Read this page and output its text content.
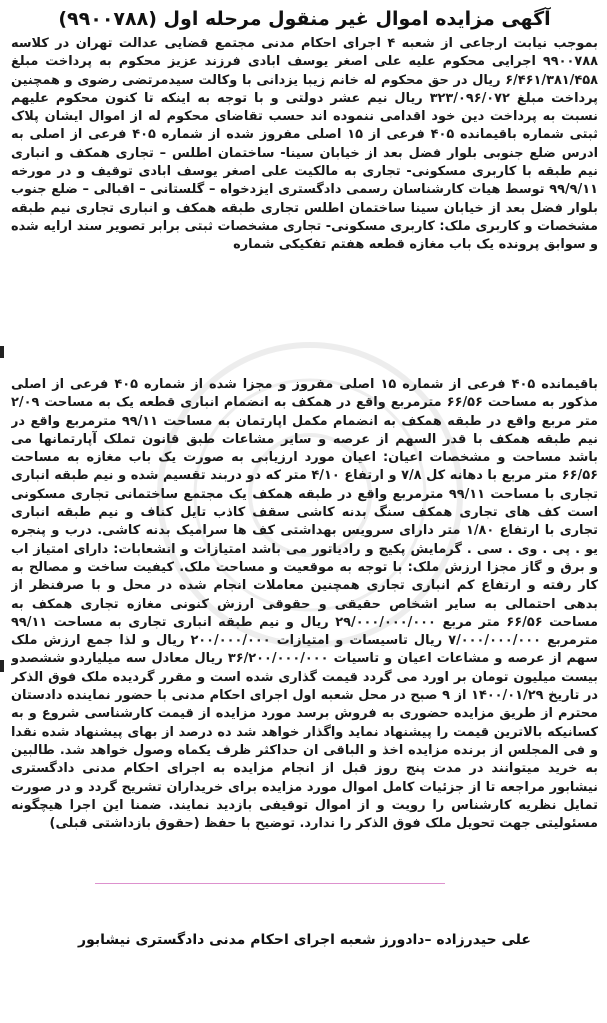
آگهی مزایده اموال غیر منقول مرحله اول (۹۹۰۰۷۸۸)

بموجب نیابت ارجاعی از شعبه ۴ اجرای احکام مدنی مجتمع قضایی عدالت تهران در کلاسه ۹۹۰۰۷۸۸ اجرایی محکوم علیه علی اصغر یوسف ابادی فرزند عزیز محکوم به پرداخت مبلغ ۶/۴۶۱/۳۸۱/۴۵۸ ریال در حق محکوم له خانم زیبا یزدانی با وکالت سیدمرتضی رضوی و همچنین پرداخت مبلغ ۳۲۳/۰۹۶/۰۷۲ ریال نیم عشر دولتی و با توجه به اینکه تا کنون محکوم علیهم نسبت به پرداخت دین خود اقدامی ننموده اند حسب تقاضای محکوم له از اموال ایشان پلاک ثبتی شماره باقیمانده ۴۰۵ فرعی از ۱۵ اصلی مفروز شده از شماره ۴۰۵ فرعی از اصلی به ادرس ضلع جنوبی بلوار فضل بعد از خیابان سینا- ساختمان اطلس – تجاری همکف و انباری نیم طبقه با کاربری مسکونی- تجاری به مالکیت علی اصغر یوسف ابادی توقیف و در مورخه ۹۹/۹/۱۱ توسط هیات کارشناسان رسمی دادگستری ایزدخواه – گلستانی – اقبالی – ضلع جنوب بلوار فضل بعد از خیابان سینا ساختمان اطلس تجاری طبقه همکف و انباری تجاری نیم طبقه مشخصات و کاربری ملک: کاربری مسکونی- تجاری مشخصات ثبتی برابر تصویر سند ارایه شده و سوابق پرونده یک باب مغازه قطعه هفتم تفکیکی شماره

باقیمانده ۴۰۵ فرعی از شماره ۱۵ اصلی مفروز و مجزا شده از شماره ۴۰۵ فرعی از اصلی مذکور به مساحت ۶۶/۵۶ مترمربع واقع در همکف به انضمام انباری قطعه یک به مساحت ۲/۰۹ متر مربع واقع در طبقه همکف به انضمام مکمل اپارتمان به مساحت ۹۹/۱۱ مترمربع واقع در نیم طبقه همکف با قدر السهم از عرصه و سایر مشاعات طبق قانون تملک آپارتمانها می باشد مساحت و مشخصات اعیان: اعیان مورد ارزیابی به صورت یک باب مغازه به مساحت ۶۶/۵۶ متر مربع با دهانه کل ۷/۸ و ارتفاع ۴/۱۰ متر که دو دربند تقسیم شده و نیم طبقه انباری تجاری با مساحت ۹۹/۱۱ مترمربع واقع در طبقه همکف یک مجتمع ساختمانی تجاری مسکونی است کف های تجاری همکف سنگ بدنه کاشی سقف کاذب تایل کناف و نیم طبقه انباری تجاری با ارتفاع ۱/۸۰ متر دارای سرویس بهداشتی کف ها سرامیک بدنه کاشی. درب و پنجره یو . پی . وی . سی . گرمایش پکیج و رادیاتور می باشد امتیازات و انشعابات: دارای امتیاز اب و برق و گاز مجزا ارزش ملک: با توجه به موقعیت و مساحت ملک. کیفیت ساخت و مصالح به کار رفته و ارتفاع کم انباری تجاری همچنین معاملات انجام شده در محل و با صرفنظر از بدهی احتمالی به سایر اشخاص حقیقی و حقوقی ارزش کنونی مغازه تجاری همکف به مساحت ۶۶/۵۶ متر مربع ۲۹/۰۰۰/۰۰۰/۰۰۰ ریال و نیم طبقه انباری تجاری به مساحت ۹۹/۱۱ مترمربع ۷/۰۰۰/۰۰۰/۰۰۰ ریال تاسیسات و امتیازات ۲۰۰/۰۰۰/۰۰۰ ریال و لذا جمع ارزش ملک سهم از عرصه و مشاعات اعیان و تاسیات ۳۶/۲۰۰/۰۰۰/۰۰۰ ریال معادل سه میلیاردو ششصدو بیست میلیون تومان بر اورد می گردد قیمت گذاری شده است و مقرر گردیده ملک فوق الذکر در تاریخ ۱۴۰۰/۰۱/۲۹ از ۹ صبح در محل شعبه اول اجرای احکام مدنی با حضور نماینده دادستان محترم از طریق مزایده حضوری به فروش برسد مورد مزایده از قیمت کارشناسی شروع و به کسانیکه بالاترین قیمت را پیشنهاد نماید واگذار خواهد شد ده درصد از بهای پیشنهاد شده نقدا و فی المجلس از برنده مزایده اخذ و الباقی ان حداکثر ظرف یکماه وصول خواهد شد. طالبین به خرید میتوانند در مدت پنج روز قبل از انجام مزایده به اجرای احکام مدنی دادگستری نیشابور مراجعه تا از جزئیات کامل اموال مورد مزایده برای خریداران تشریح گردد و در صورت تمایل نظریه کارشناس را رویت و از اموال توقیفی بازدید نمایند. ضمنا این اجرا هیچگونه مسئولیتی جهت تحویل ملک فوق الذکر را ندارد. توضیح با حفظ (حقوق بازداشتی قبلی)

علی حیدرزاده –دادورز شعبه اجرای احکام مدنی دادگستری نیشابور
